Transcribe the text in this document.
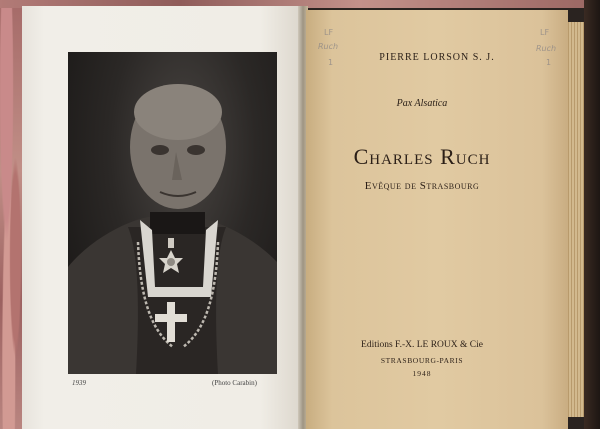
1939	(Photo Carabin)
LF
Ruch
1
LF
Ruch
1
PIERRE LORSON S. J.
Pax Alsatica
Charles Ruch
Evêque de Strasbourg
Editions F.-X. LE ROUX & Cie
STRASBOURG-PARIS
1948
